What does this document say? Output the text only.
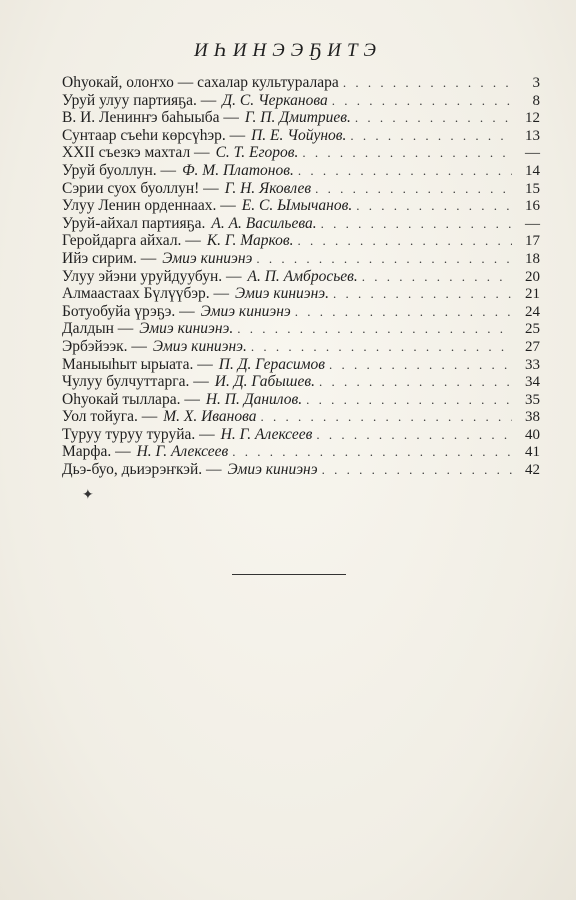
ИҺИНЭЭҔИТЭ
Оһуокай, олоҥхо — сахалар культуралара . . .	3
Уруй улуу партияҕа. — Д. С. Черканова . . .	8
В. И. Ленинҥэ баһыыба — Г. П. Дмитриев. . . .	12
Сунтаар съеһи көрсүһэр. — П. Е. Чойунов. . . .	13
XXII съезкэ махтал — С. Т. Егоров. . . .	—
Уруй буоллун. — Ф. М. Платонов. . . .	14
Сэрии суох буоллун! — Г. Н. Яковлев . . .	15
Улуу Ленин орденнаах. — Е. С. Ымычанов. . . .	16
Уруй-айхал партияҕа. А. А. Васильева. . . .	—
Геройдарга айхал. — К. Г. Марков. . . .	17
Ийэ сирим. — Эмиэ киниэнэ . . .	18
Улуу эйэни уруйдуубун. — А. П. Амбросьев. . . .	20
Алмаастаах Бүлүүбэр. — Эмиэ киниэнэ. . . .	21
Ботуобуйа үрэҕэ. — Эмиэ киниэнэ . . .	24
Далдын — Эмиэ киниэнэ. . . .	25
Эрбэйээк. — Эмиэ киниэнэ. . . .	27
Маныыһыт ырыата. — П. Д. Герасимов . . .	33
Чулуу булчуттарга. — И. Д. Габышев. . . .	34
Оһуокай тыллара. — Н. П. Данилов. . . .	35
Уол тойуга. — М. Х. Иванова . . .	38
Туруу туруу туруйа. — Н. Г. Алексеев . . .	40
Марфа. — Н. Г. Алексеев . . .	41
Дьэ-буо, дьиэрэҥкэй. — Эмиэ киниэнэ . . .	42
✦
